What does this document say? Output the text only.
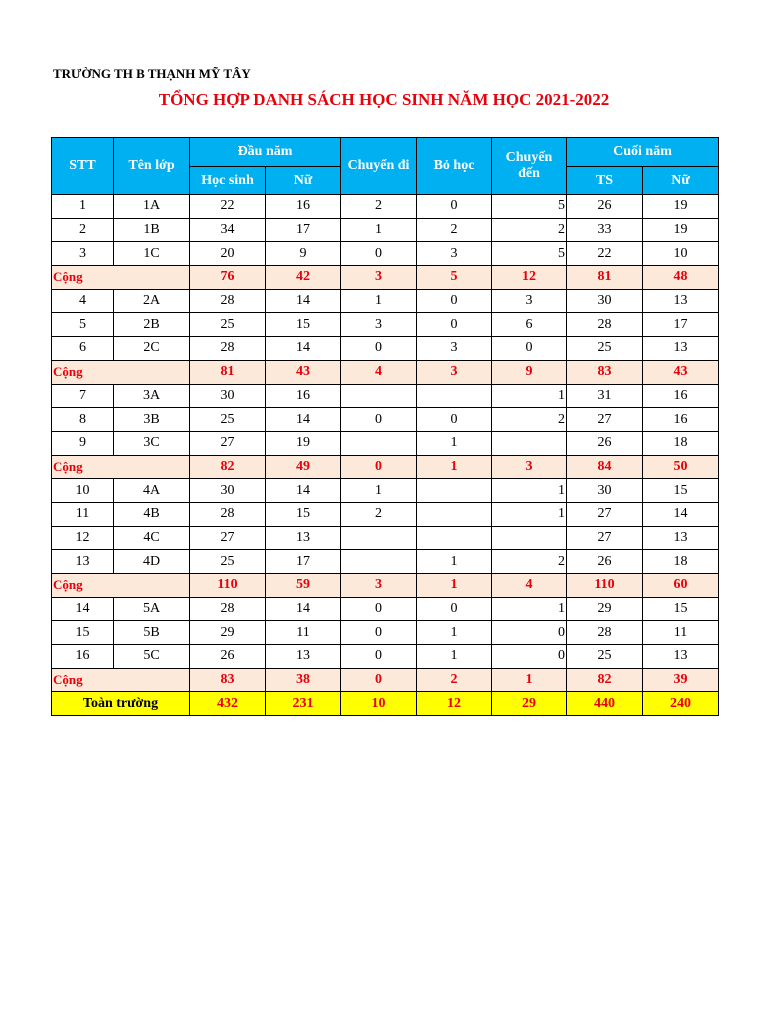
TRƯỜNG TH B THẠNH MỸ TÂY
TỔNG HỢP DANH SÁCH HỌC SINH NĂM HỌC 2021-2022
STT	Tên lớp	Đầu năm		Chuyển đi	Bỏ học	Chuyến đến	Cuối năm	
		Học sinh	Nữ				TS	Nữ
1	1A	22	16	2	0	5	26	19
2	1B	34	17	1	2	2	33	19
3	1C	20	9	0	3	5	22	10
Cộng		76	42	3	5	12	81	48
4	2A	28	14	1	0	3	30	13
5	2B	25	15	3	0	6	28	17
6	2C	28	14	0	3	0	25	13
Cộng		81	43	4	3	9	83	43
7	3A	30	16			1	31	16
8	3B	25	14	0	0	2	27	16
9	3C	27	19		1		26	18
Cộng		82	49	0	1	3	84	50
10	4A	30	14	1		1	30	15
11	4B	28	15	2		1	27	14
12	4C	27	13				27	13
13	4D	25	17		1	2	26	18
Cộng		110	59	3	1	4	110	60
14	5A	28	14	0	0	1	29	15
15	5B	29	11	0	1	0	28	11
16	5C	26	13	0	1	0	25	13
Cộng		83	38	0	2	1	82	39
Toàn trường		432	231	10	12	29	440	240
